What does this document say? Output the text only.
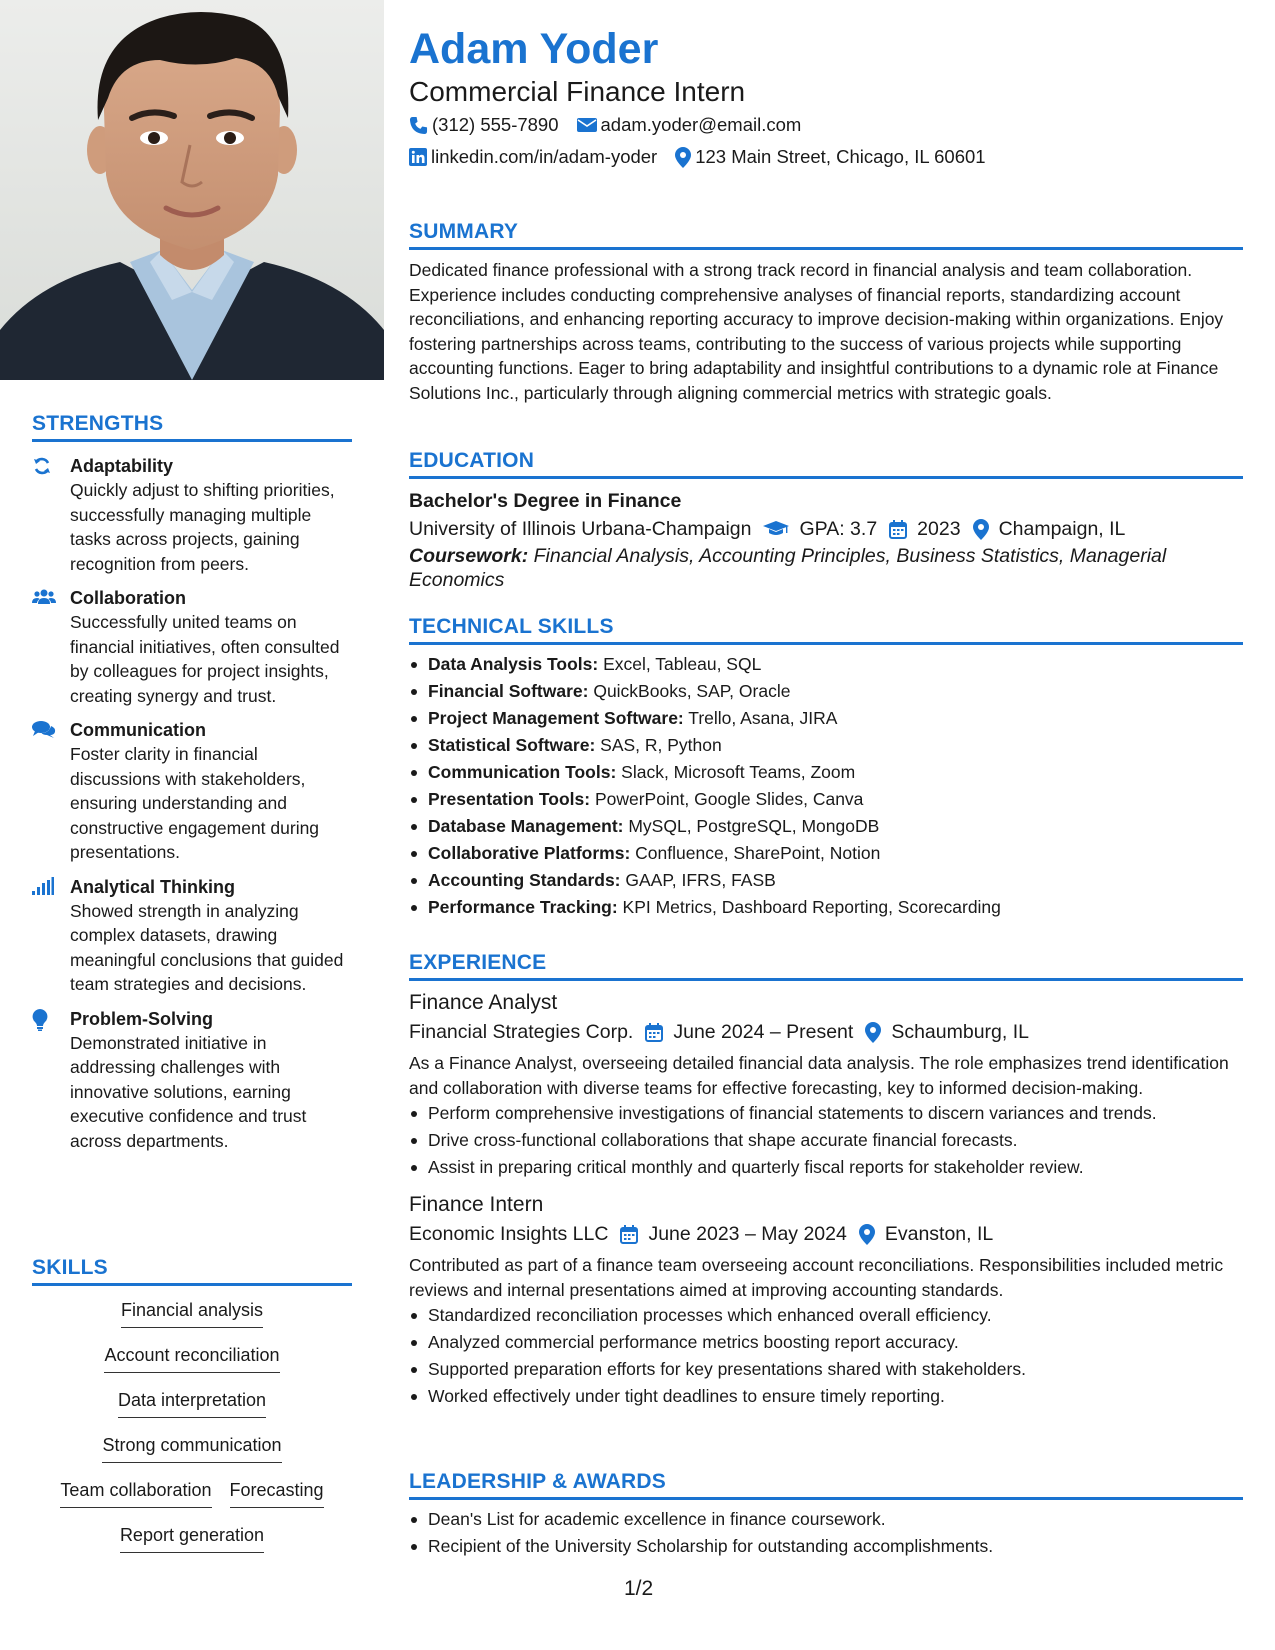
STRENGTHS
Adaptability
Quickly adjust to shifting priorities, successfully managing multiple tasks across projects, gaining recognition from peers.
Collaboration
Successfully united teams on financial initiatives, often consulted by colleagues for project insights, creating synergy and trust.
Communication
Foster clarity in financial discussions with stakeholders, ensuring understanding and constructive engagement during presentations.
Analytical Thinking
Showed strength in analyzing complex datasets, drawing meaningful conclusions that guided team strategies and decisions.
Problem-Solving
Demonstrated initiative in addressing challenges with innovative solutions, earning executive confidence and trust across departments.
SKILLS
Financial analysis
Account reconciliation
Data interpretation
Strong communication
Team collaboration Forecasting
Report generation
Adam Yoder
Commercial Finance Intern
(312) 555-7890 adam.yoder@email.com
linkedin.com/in/adam-yoder 123 Main Street, Chicago, IL 60601
SUMMARY
Dedicated finance professional with a strong track record in financial analysis and team collaboration. Experience includes conducting comprehensive analyses of financial reports, standardizing account reconciliations, and enhancing reporting accuracy to improve decision-making within organizations. Enjoy fostering partnerships across teams, contributing to the success of various projects while supporting accounting functions. Eager to bring adaptability and insightful contributions to a dynamic role at Finance Solutions Inc., particularly through aligning commercial metrics with strategic goals.
EDUCATION
Bachelor's Degree in Finance
University of Illinois Urbana-Champaign GPA: 3.7 2023 Champaign, IL
Coursework: Financial Analysis, Accounting Principles, Business Statistics, Managerial Economics
TECHNICAL SKILLS
Data Analysis Tools: Excel, Tableau, SQL
Financial Software: QuickBooks, SAP, Oracle
Project Management Software: Trello, Asana, JIRA
Statistical Software: SAS, R, Python
Communication Tools: Slack, Microsoft Teams, Zoom
Presentation Tools: PowerPoint, Google Slides, Canva
Database Management: MySQL, PostgreSQL, MongoDB
Collaborative Platforms: Confluence, SharePoint, Notion
Accounting Standards: GAAP, IFRS, FASB
Performance Tracking: KPI Metrics, Dashboard Reporting, Scorecarding
EXPERIENCE
Finance Analyst
Financial Strategies Corp. June 2024 – Present Schaumburg, IL
As a Finance Analyst, overseeing detailed financial data analysis. The role emphasizes trend identification and collaboration with diverse teams for effective forecasting, key to informed decision-making.
Perform comprehensive investigations of financial statements to discern variances and trends.
Drive cross-functional collaborations that shape accurate financial forecasts.
Assist in preparing critical monthly and quarterly fiscal reports for stakeholder review.
Finance Intern
Economic Insights LLC June 2023 – May 2024 Evanston, IL
Contributed as part of a finance team overseeing account reconciliations. Responsibilities included metric reviews and internal presentations aimed at improving accounting standards.
Standardized reconciliation processes which enhanced overall efficiency.
Analyzed commercial performance metrics boosting report accuracy.
Supported preparation efforts for key presentations shared with stakeholders.
Worked effectively under tight deadlines to ensure timely reporting.
LEADERSHIP & AWARDS
Dean's List for academic excellence in finance coursework.
Recipient of the University Scholarship for outstanding accomplishments.
1/2
